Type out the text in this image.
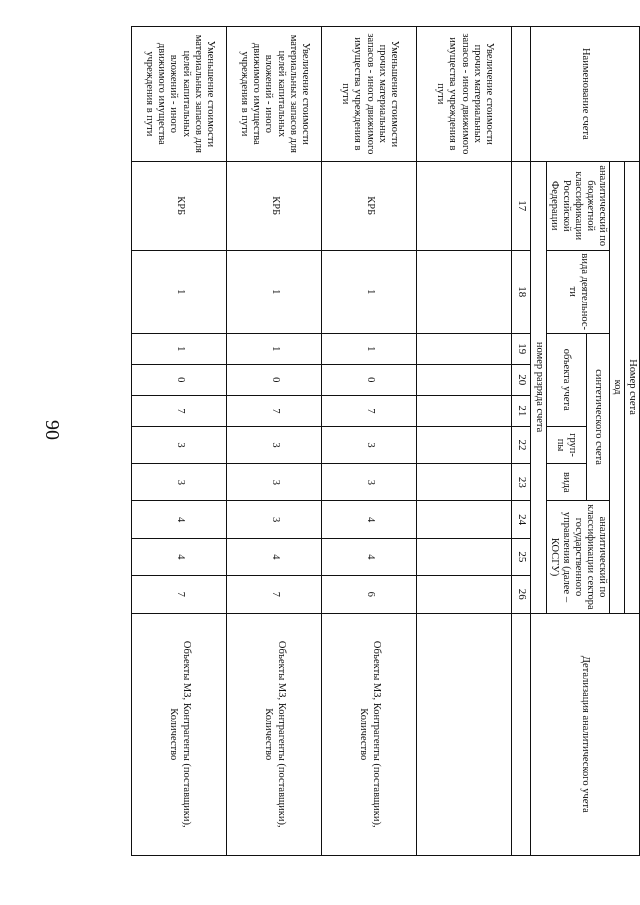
90
Наименование счета	Номер счета										Детализация аналитического учета
	код										
	аналитический по бюджетной классификации Российской Федерации	вида деятельнос-ти	синтетического счета					аналитический по классификации сектора государственного управления (далее – КОСГУ)			
			объекта учета			груп-пы	вида				
	номер разряда счета										
	17	18	19	20	21	22	23	24	25	26	
Увеличение стоимости прочих материальных запасов - иного движимого имущества учреждения в пути											
Уменьшение стоимости прочих материальных запасов - иного движимого имущества учреждения в пути	КРБ	1	1	0	7	3	3	4	4	6	Объекты МЗ, Контрагенты (поставщики), Количество
Увеличение стоимости материальных запасов для целей капитальных вложений - иного движимого имущества учреждения в пути	КРБ	1	1	0	7	3	3	3	4	7	Объекты МЗ, Контрагенты (поставщики), Количество
Уменьшение стоимости материальных запасов для целей капитальных вложений - иного движимого имущества учреждения в пути	КРБ	1	1	0	7	3	3	4	4	7	Объекты МЗ, Контрагенты (поставщики), Количество
